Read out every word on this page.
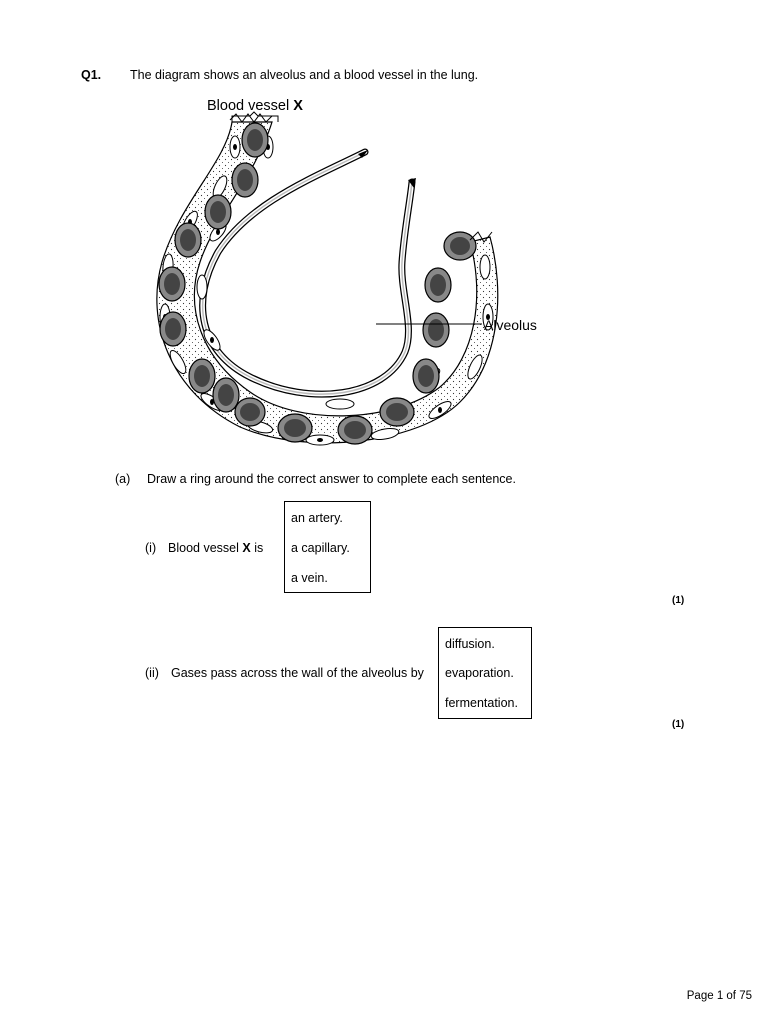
Q1. The diagram shows an alveolus and a blood vessel in the lung.
Blood vessel X
Alveolus
(a) Draw a ring around the correct answer to complete each sentence.
(i) Blood vessel X is
an artery.
a capillary.
a vein.
(1)
(ii) Gases pass across the wall of the alveolus by
diffusion.
evaporation.
fermentation.
(1)
Page 1 of 75
